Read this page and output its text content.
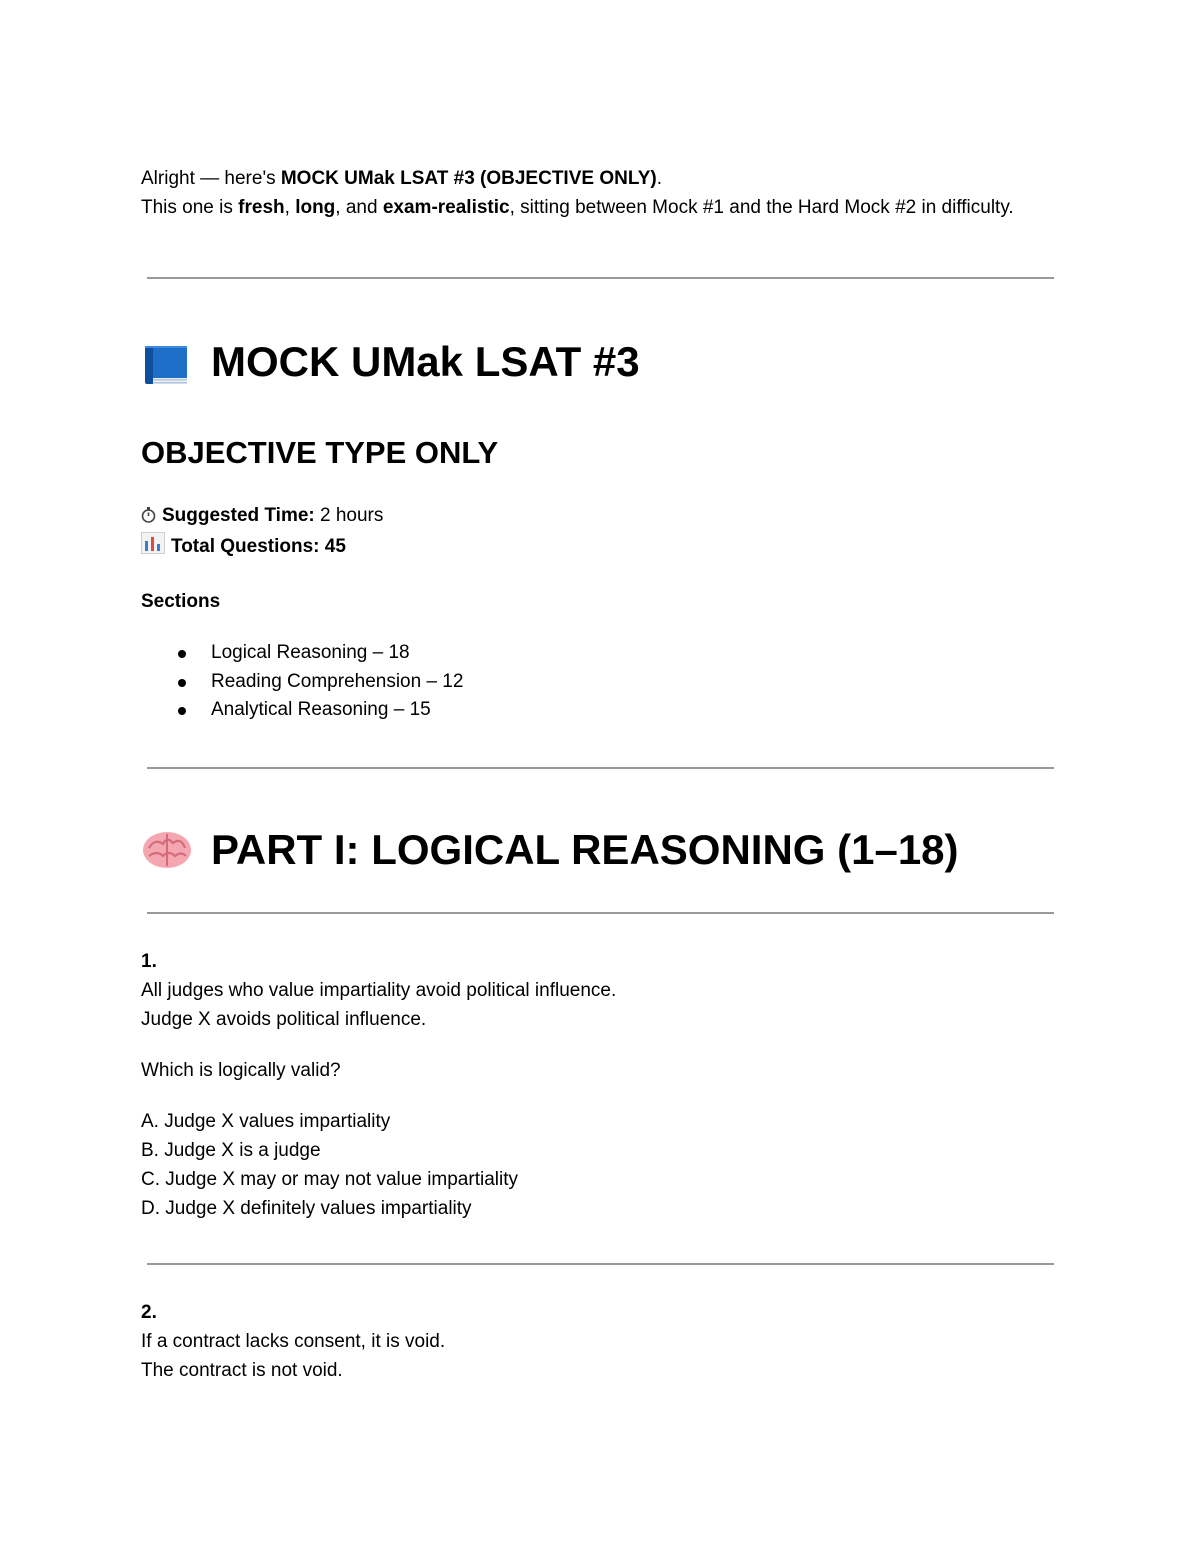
Alright — here's MOCK UMak LSAT #3 (OBJECTIVE ONLY).

This one is fresh, long, and exam-realistic, sitting between Mock #1 and the Hard Mock #2 in difficulty.

MOCK UMak LSAT #3
OBJECTIVE TYPE ONLY

Suggested Time: 2 hours

Total Questions: 45

Sections

Logical Reasoning – 18
Reading Comprehension – 12
Analytical Reasoning – 15
PART I: LOGICAL REASONING (1–18)

1.

All judges who value impartiality avoid political influence.

Judge X avoids political influence.

Which is logically valid?

A. Judge X values impartiality

B. Judge X is a judge

C. Judge X may or may not value impartiality

D. Judge X definitely values impartiality

2.

If a contract lacks consent, it is void.

The contract is not void.
